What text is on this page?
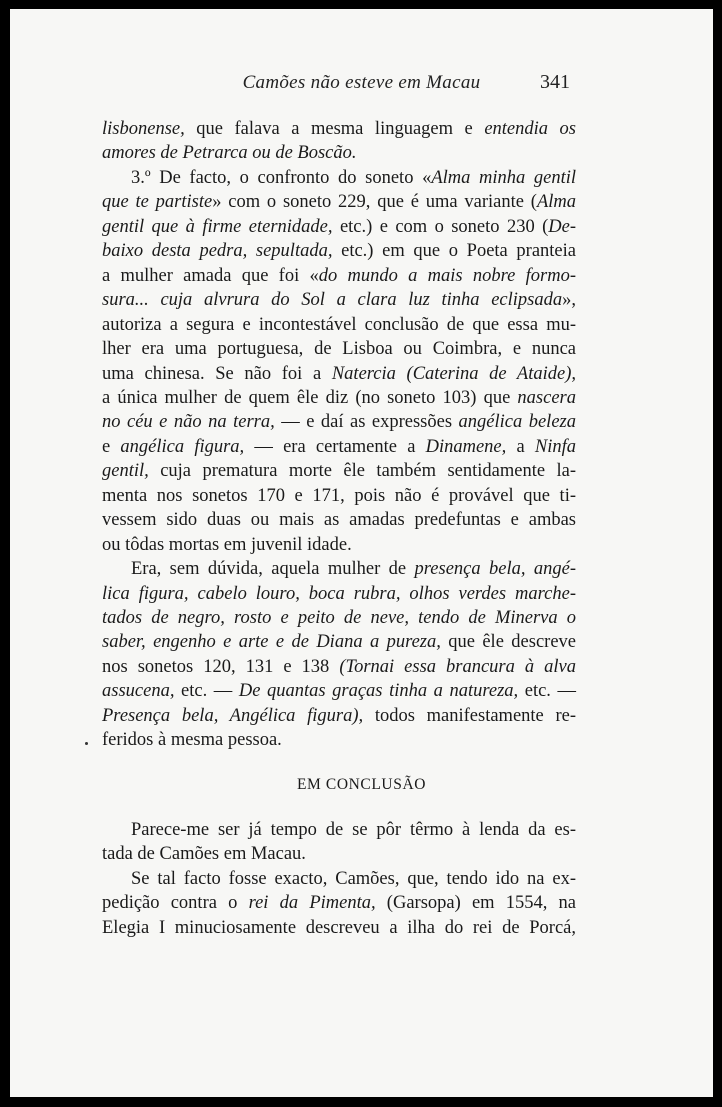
Camões não esteve em Macau	341
lisbonense, que falava a mesma linguagem e entendia os
amores de Petrarca ou de Boscão.
3.º De facto, o confronto do soneto «Alma minha gentil
que te partiste» com o soneto 229, que é uma variante (Alma
gentil que à firme eternidade, etc.) e com o soneto 230 (De-
baixo desta pedra, sepultada, etc.) em que o Poeta pranteia
a mulher amada que foi «do mundo a mais nobre formo-
sura... cuja alvrura do Sol a clara luz tinha eclipsada»,
autoriza a segura e incontestável conclusão de que essa mu-
lher era uma portuguesa, de Lisboa ou Coimbra, e nunca
uma chinesa. Se não foi a Natercia (Caterina de Ataide),
a única mulher de quem êle diz (no soneto 103) que nascera
no céu e não na terra, — e daí as expressões angélica beleza
e angélica figura, — era certamente a Dinamene, a Ninfa
gentil, cuja prematura morte êle também sentidamente la-
menta nos sonetos 170 e 171, pois não é provável que ti-
vessem sido duas ou mais as amadas predefuntas e ambas
ou tôdas mortas em juvenil idade.
Era, sem dúvida, aquela mulher de presença bela, angé-
lica figura, cabelo louro, boca rubra, olhos verdes marche-
tados de negro, rosto e peito de neve, tendo de Minerva o
saber, engenho e arte e de Diana a pureza, que êle descreve
nos sonetos 120, 131 e 138 (Tornai essa brancura à alva
assucena, etc. — De quantas graças tinha a natureza, etc. —
Presença bela, Angélica figura), todos manifestamente re-
feridos à mesma pessoa.
EM CONCLUSÃO
Parece-me ser já tempo de se pôr têrmo à lenda da es-
tada de Camões em Macau.
Se tal facto fosse exacto, Camões, que, tendo ido na ex-
pedição contra o rei da Pimenta, (Garsopa) em 1554, na
Elegia I minuciosamente descreveu a ilha do rei de Porcá,
